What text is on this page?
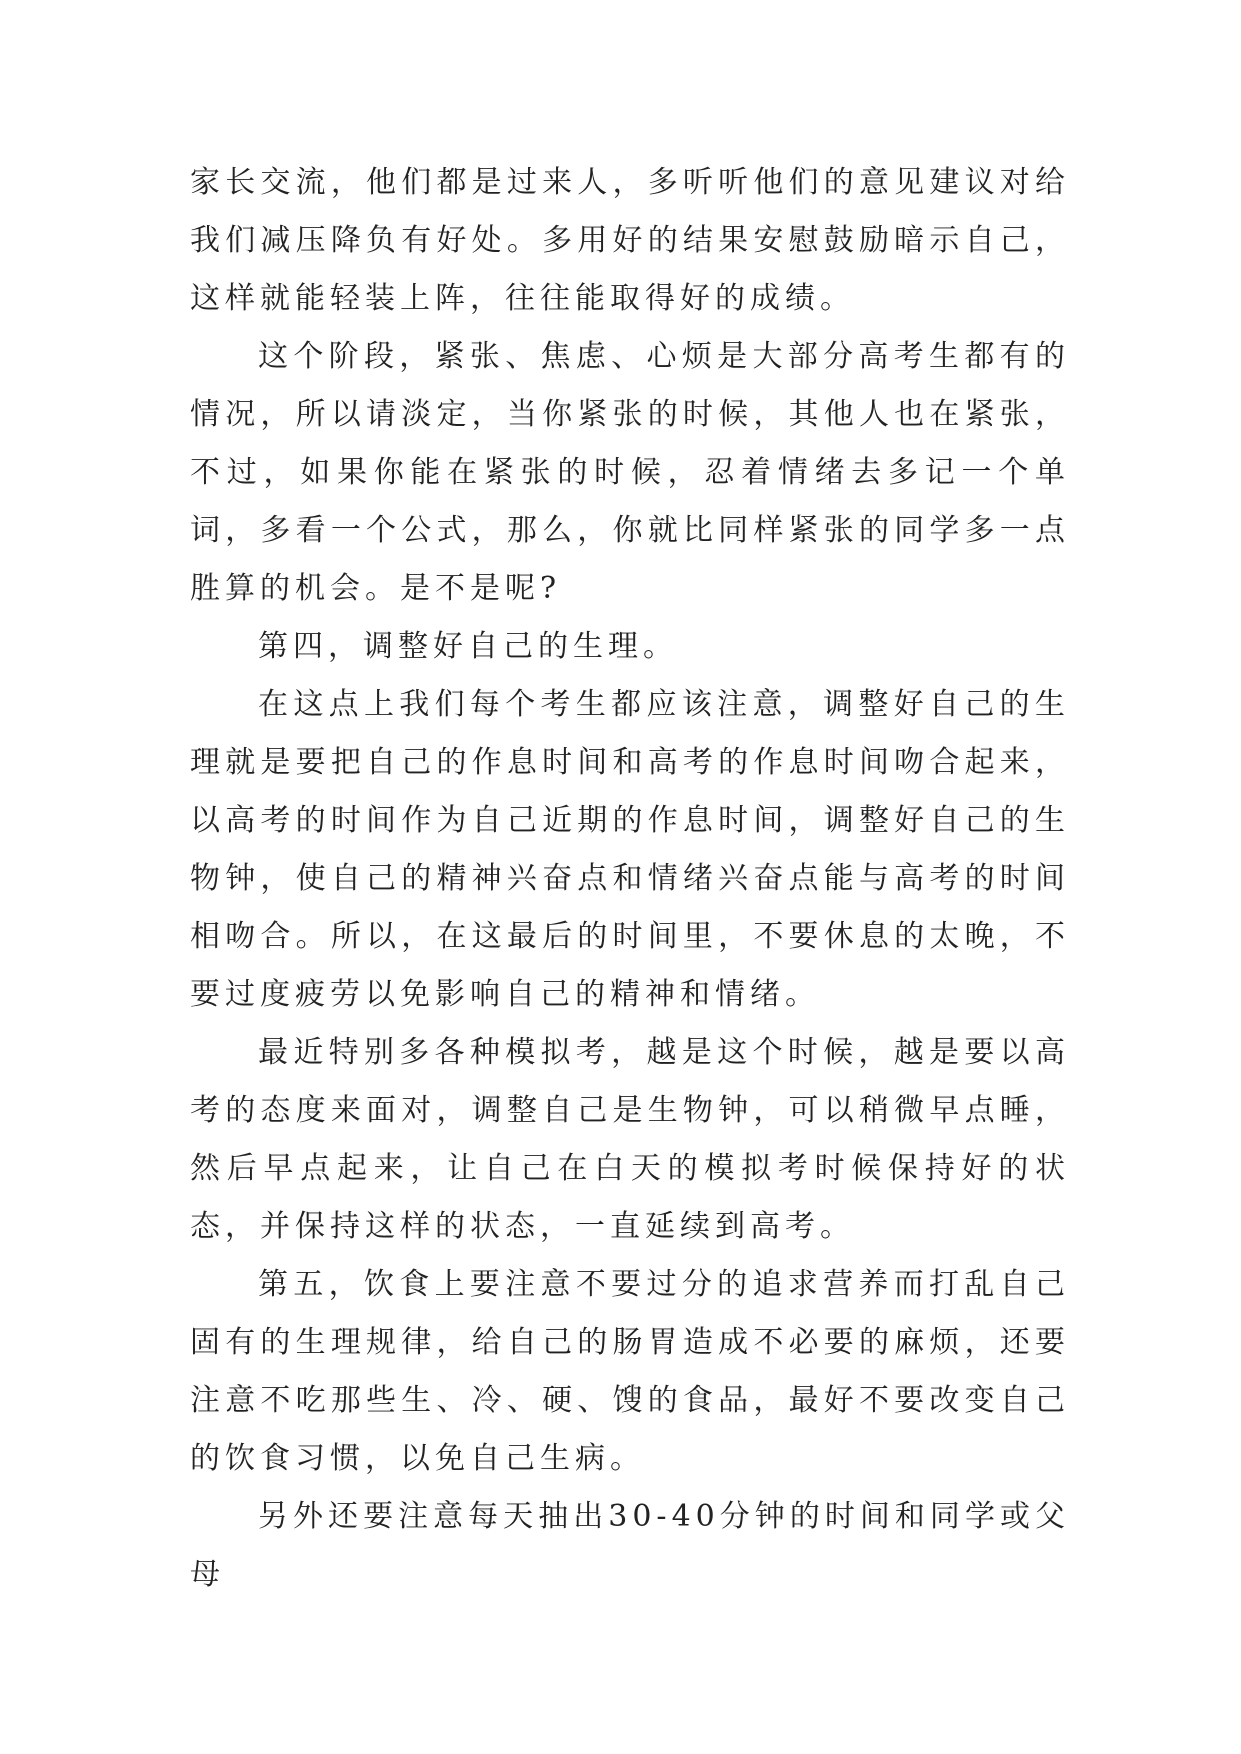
家长交流，他们都是过来人，多听听他们的意见建议对给我们减压降负有好处。多用好的结果安慰鼓励暗示自己，这样就能轻装上阵，往往能取得好的成绩。

这个阶段，紧张、焦虑、心烦是大部分高考生都有的情况，所以请淡定，当你紧张的时候，其他人也在紧张，不过，如果你能在紧张的时候，忍着情绪去多记一个单词，多看一个公式，那么，你就比同样紧张的同学多一点胜算的机会。是不是呢?

第四，调整好自己的生理。

在这点上我们每个考生都应该注意，调整好自己的生理就是要把自己的作息时间和高考的作息时间吻合起来，以高考的时间作为自己近期的作息时间，调整好自己的生物钟，使自己的精神兴奋点和情绪兴奋点能与高考的时间相吻合。所以，在这最后的时间里，不要休息的太晚，不要过度疲劳以免影响自己的精神和情绪。

最近特别多各种模拟考，越是这个时候，越是要以高考的态度来面对，调整自己是生物钟，可以稍微早点睡，然后早点起来，让自己在白天的模拟考时候保持好的状态，并保持这样的状态，一直延续到高考。

第五，饮食上要注意不要过分的追求营养而打乱自己固有的生理规律，给自己的肠胃造成不必要的麻烦，还要注意不吃那些生、冷、硬、馊的食品，最好不要改变自己的饮食习惯，以免自己生病。

另外还要注意每天抽出30-40分钟的时间和同学或父母
